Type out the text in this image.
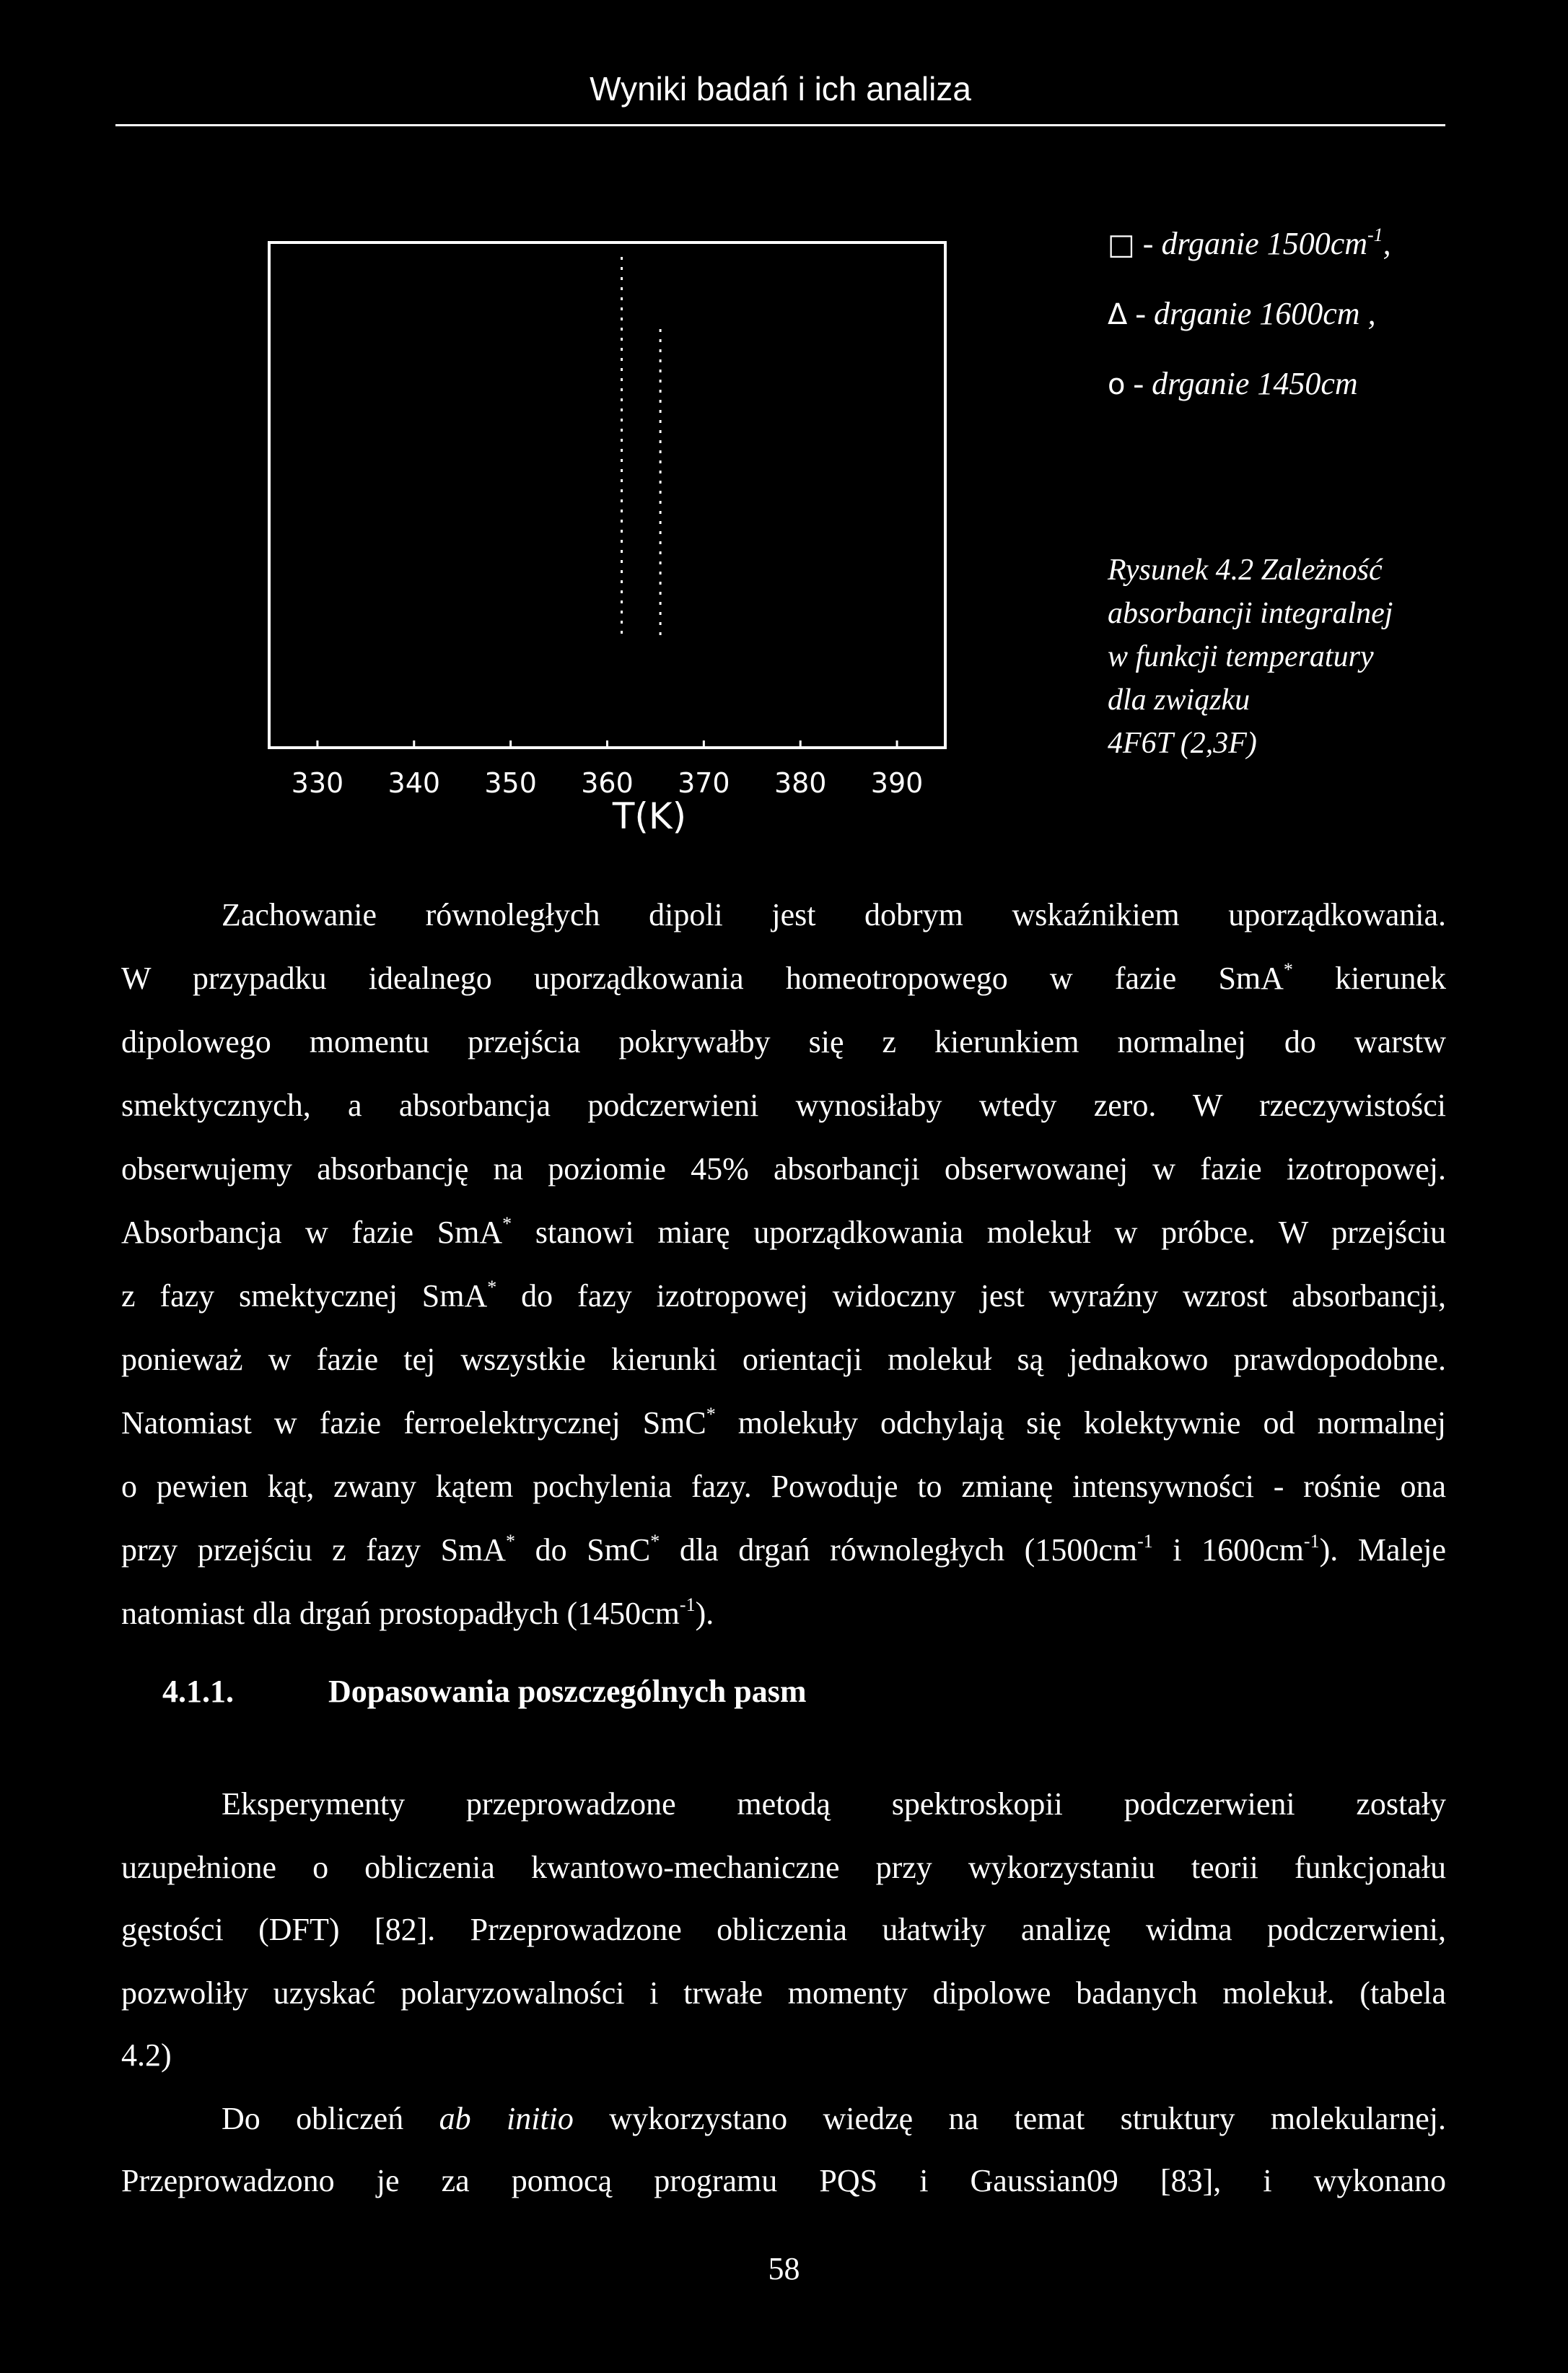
Wyniki badań i ich analiza
330 340 350 360 370 380 390
T(K)
□ - drganie $1500cm^{-1}$,
Δ - drganie 1600cm ,
o - drganie 1450cm
Rysunek 4.2 Zależność
absorbancji integralnej
w funkcji temperatury
dla związku
4F6T (2,3F)
Zachowanie równoległych dipoli jest dobrym wskaźnikiem uporządkowania.
W przypadku idealnego uporządkowania homeotropowego w fazie SmA* kierunek
dipolowego momentu przejścia pokrywałby się z kierunkiem normalnej do warstw
smektycznych, a absorbancja podczerwieni wynosiłaby wtedy zero. W rzeczywistości
obserwujemy absorbancję na poziomie 45% absorbancji obserwowanej w fazie izotropowej.
Absorbancja w fazie SmA* stanowi miarę uporządkowania molekuł w próbce. W przejściu
z fazy smektycznej SmA* do fazy izotropowej widoczny jest wyraźny wzrost absorbancji,
ponieważ w fazie tej wszystkie kierunki orientacji molekuł są jednakowo prawdopodobne.
Natomiast w fazie ferroelektrycznej SmC* molekuły odchylają się kolektywnie od normalnej
o pewien kąt, zwany kątem pochylenia fazy. Powoduje to zmianę intensywności - rośnie ona
przy przejściu z fazy SmA* do SmC* dla drgań równoległych ($1500cm^{-1}$ i $1600cm^{-1}$). Maleje
natomiast dla drgań prostopadłych $(1450cm^{-1})$.
4.1.1.	Dopasowania poszczególnych pasm
Eksperymenty przeprowadzone metodą spektroskopii podczerwieni zostały
uzupełnione o obliczenia kwantowo-mechaniczne przy wykorzystaniu teorii funkcjonału
gęstości (DFT) [82]. Przeprowadzone obliczenia ułatwiły analizę widma podczerwieni,
pozwoliły uzyskać polaryzowalności i trwałe momenty dipolowe badanych molekuł. (tabela
4.2)
Do obliczeń ab initio wykorzystano wiedzę na temat struktury molekularnej.
Przeprowadzono je za pomocą programu PQS i Gaussian09 [83], i wykonano
58
